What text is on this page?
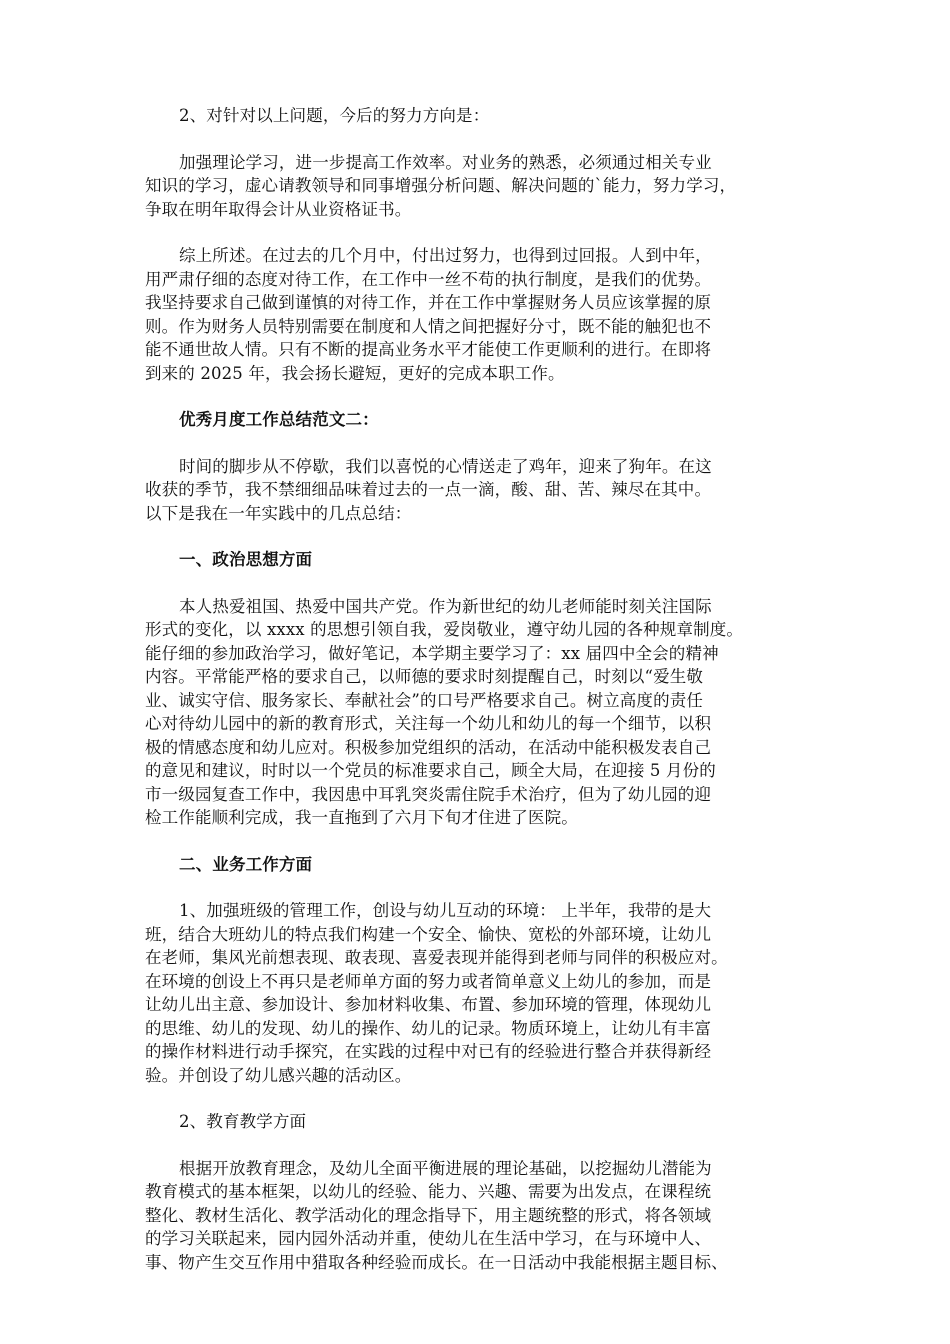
2、对针对以上问题，今后的努力方向是：
加强理论学习，进一步提高工作效率。对业务的熟悉，必须通过相关专业
知识的学习，虚心请教领导和同事增强分析问题、解决问题的`能力，努力学习，
争取在明年取得会计从业资格证书。
综上所述。在过去的几个月中，付出过努力，也得到过回报。人到中年，
用严肃仔细的态度对待工作，在工作中一丝不苟的执行制度，是我们的优势。
我坚持要求自己做到谨慎的对待工作，并在工作中掌握财务人员应该掌握的原
则。作为财务人员特别需要在制度和人情之间把握好分寸，既不能的触犯也不
能不通世故人情。只有不断的提高业务水平才能使工作更顺利的进行。在即将
到来的 2025 年，我会扬长避短，更好的完成本职工作。
优秀月度工作总结范文二：
时间的脚步从不停歇，我们以喜悦的心情送走了鸡年，迎来了狗年。在这
收获的季节，我不禁细细品味着过去的一点一滴，酸、甜、苦、辣尽在其中。
以下是我在一年实践中的几点总结：
一、政治思想方面
本人热爱祖国、热爱中国共产党。作为新世纪的幼儿老师能时刻关注国际
形式的变化，以 xxxx 的思想引领自我，爱岗敬业，遵守幼儿园的各种规章制度。
能仔细的参加政治学习，做好笔记，本学期主要学习了：xx 届四中全会的精神
内容。平常能严格的要求自己，以师德的要求时刻提醒自己，时刻以“爱生敬
业、诚实守信、服务家长、奉献社会”的口号严格要求自己。树立高度的责任
心对待幼儿园中的新的教育形式，关注每一个幼儿和幼儿的每一个细节，以积
极的情感态度和幼儿应对。积极参加党组织的活动，在活动中能积极发表自己
的意见和建议，时时以一个党员的标准要求自己，顾全大局，在迎接 5 月份的
市一级园复查工作中，我因患中耳乳突炎需住院手术治疗，但为了幼儿园的迎
检工作能顺利完成，我一直拖到了六月下旬才住进了医院。
二、业务工作方面
1、加强班级的管理工作，创设与幼儿互动的环境： 上半年，我带的是大
班，结合大班幼儿的特点我们构建一个安全、愉快、宽松的外部环境，让幼儿
在老师，集风光前想表现、敢表现、喜爱表现并能得到老师与同伴的积极应对。
在环境的创设上不再只是老师单方面的努力或者简单意义上幼儿的参加，而是
让幼儿出主意、参加设计、参加材料收集、布置、参加环境的管理，体现幼儿
的思维、幼儿的发现、幼儿的操作、幼儿的记录。物质环境上，让幼儿有丰富
的操作材料进行动手探究，在实践的过程中对已有的经验进行整合并获得新经
验。并创设了幼儿感兴趣的活动区。
2、教育教学方面
根据开放教育理念，及幼儿全面平衡进展的理论基础，以挖掘幼儿潜能为
教育模式的基本框架，以幼儿的经验、能力、兴趣、需要为出发点，在课程统
整化、教材生活化、教学活动化的理念指导下，用主题统整的形式，将各领域
的学习关联起来，园内园外活动并重，使幼儿在生活中学习，在与环境中人、
事、物产生交互作用中猎取各种经验而成长。在一日活动中我能根据主题目标、
